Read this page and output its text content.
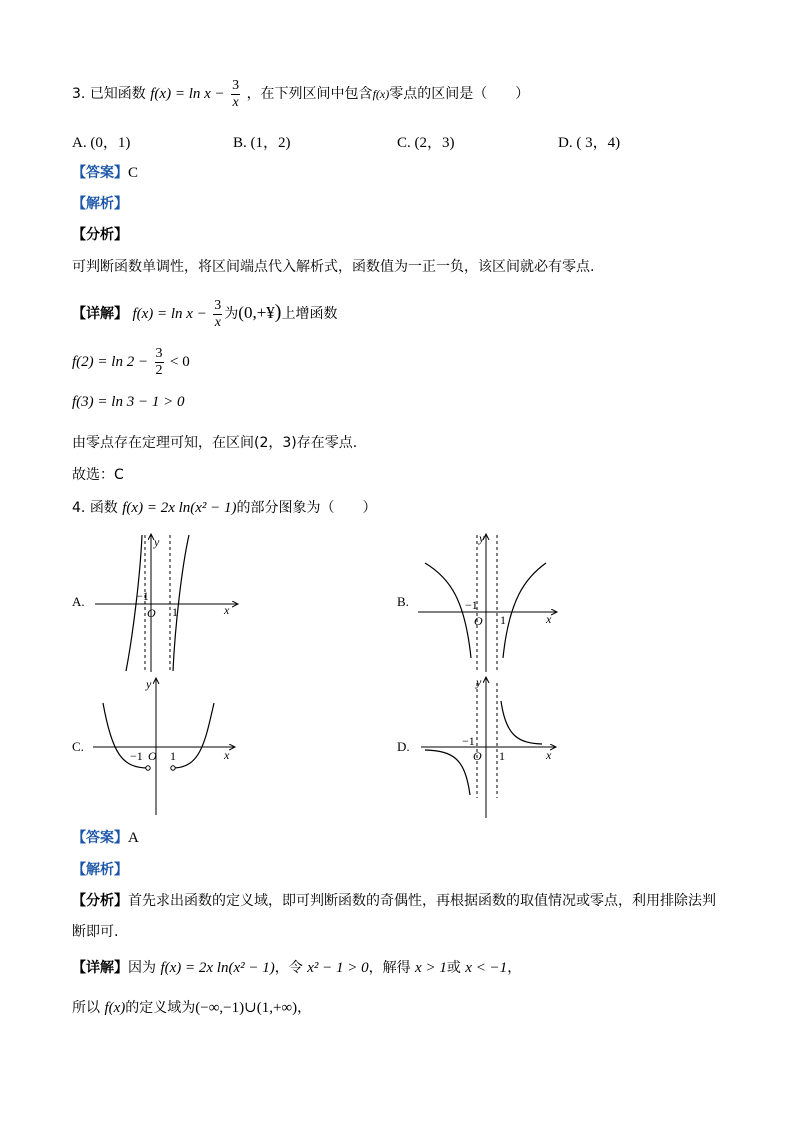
3. 已知函数 $f(x) = \ln x - \frac{3}{x}$ ，在下列区间中包含f(x)零点的区间是（　　）
A. (0，1)	B. (1，2)	C. (2，3)	D. ( 3，4)
【答案】C
【解析】
【分析】
可判断函数单调性，将区间端点代入解析式，函数值为一正一负，该区间就必有零点.
【详解】 $f(x) = \ln x - \frac{3}{x}$ 为(0,+¥)上增函数
$f(2) = \ln 2 - \frac{3}{2} < 0$
f(3) = ln 3 − 1 > 0
由零点存在定理可知，在区间(2，3)存在零点.
故选：C
4. 函数 f(x) = 2x ln(x² − 1)的部分图象为（　　）
A.	B.
C.	D.
y
x
O
−1
1
y
x
O
−1
1
y
x
O
−1 1
y
x
O
−1
1
【答案】A
【解析】
【分析】首先求出函数的定义域，即可判断函数的奇偶性，再根据函数的取值情况或零点，利用排除法判
断即可.
【详解】因为 f(x) = 2x ln(x² − 1)，令 x² − 1 > 0，解得 x > 1或 x < −1，
所以 f(x)的定义域为(−∞,−1)∪(1,+∞)，
